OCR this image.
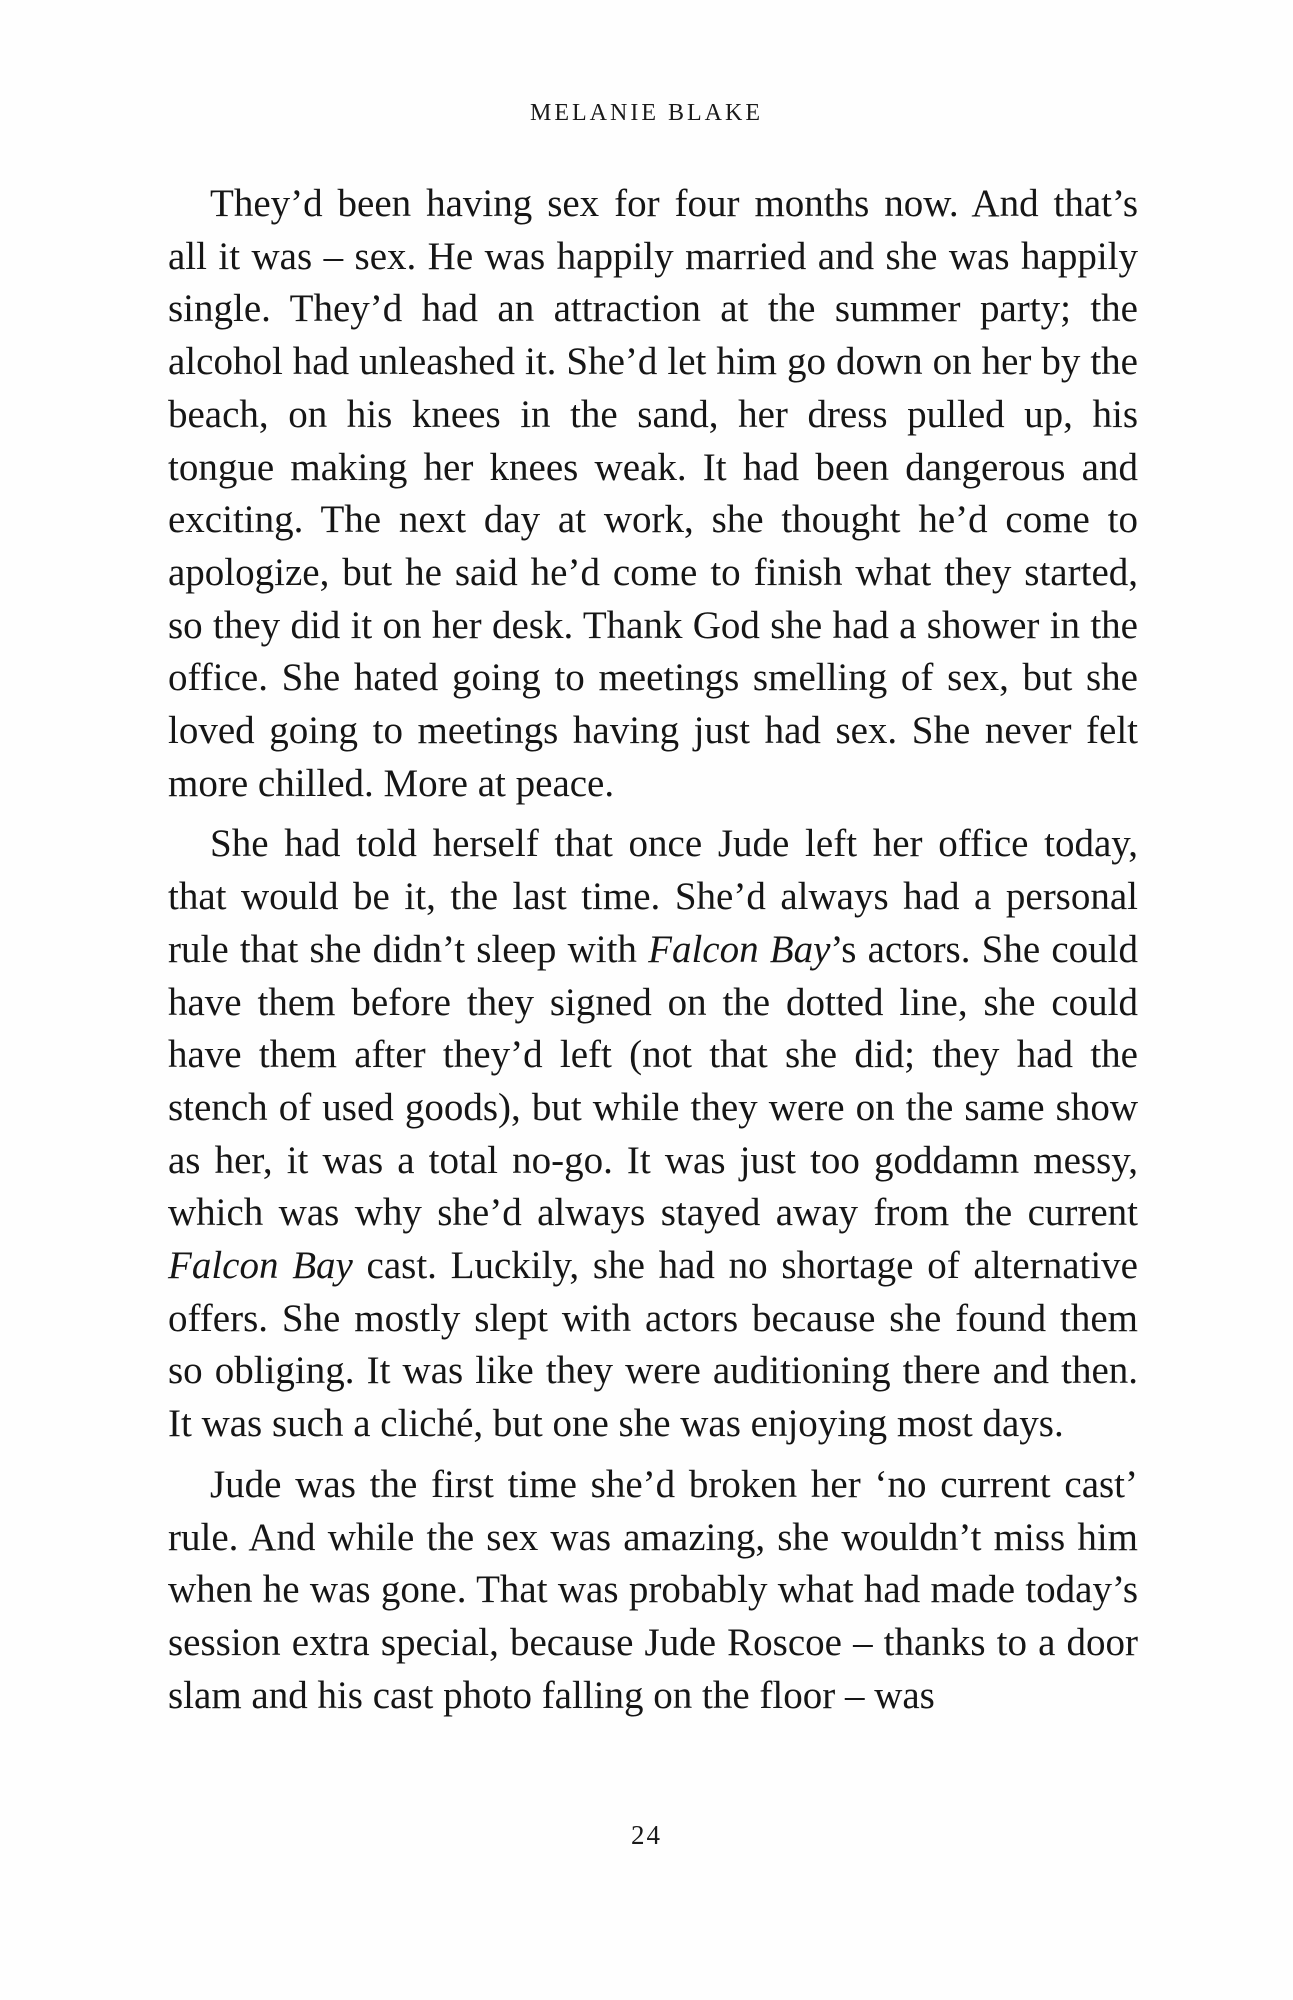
MELANIE BLAKE

They’d been having sex for four months now. And that’s all it was – sex. He was happily married and she was happily single. They’d had an attraction at the summer party; the alcohol had unleashed it. She’d let him go down on her by the beach, on his knees in the sand, her dress pulled up, his tongue making her knees weak. It had been dangerous and exciting. The next day at work, she thought he’d come to apologize, but he said he’d come to finish what they started, so they did it on her desk. Thank God she had a shower in the office. She hated going to meetings smelling of sex, but she loved going to meetings having just had sex. She never felt more chilled. More at peace.

She had told herself that once Jude left her office today, that would be it, the last time. She’d always had a personal rule that she didn’t sleep with Falcon Bay’s actors. She could have them before they signed on the dotted line, she could have them after they’d left (not that she did; they had the stench of used goods), but while they were on the same show as her, it was a total no-go. It was just too goddamn messy, which was why she’d always stayed away from the current Falcon Bay cast. Luckily, she had no shortage of alternative offers. She mostly slept with actors because she found them so obliging. It was like they were auditioning there and then. It was such a cliché, but one she was enjoying most days.

Jude was the first time she’d broken her ‘no current cast’ rule. And while the sex was amazing, she wouldn’t miss him when he was gone. That was probably what had made today’s session extra special, because Jude Roscoe – thanks to a door slam and his cast photo falling on the floor – was

24
